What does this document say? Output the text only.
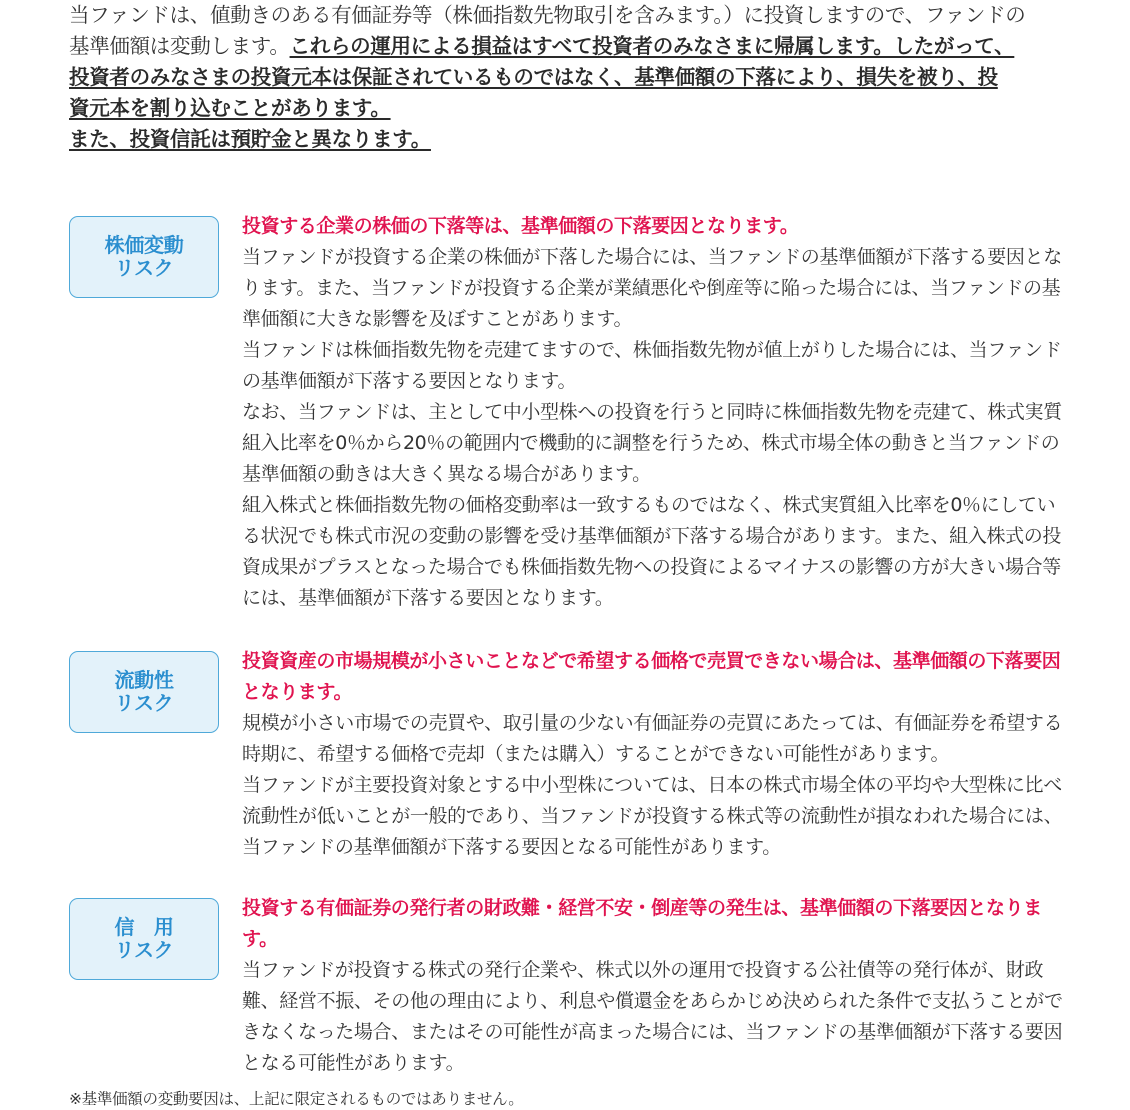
当ファンドは、値動きのある有価証券等（株価指数先物取引を含みます。）に投資しますので、ファンドの
基準価額は変動します。これらの運用による損益はすべて投資者のみなさまに帰属します。したがって、
投資者のみなさまの投資元本は保証されているものではなく、基準価額の下落により、損失を被り、投
資元本を割り込むことがあります。
また、投資信託は預貯金と異なります。
株価変動
リスク

投資する企業の株価の下落等は、基準価額の下落要因となります。

当ファンドが投資する企業の株価が下落した場合には、当ファンドの基準価額が下落する要因となります。また、当ファンドが投資する企業が業績悪化や倒産等に陥った場合には、当ファンドの基準価額に大きな影響を及ぼすことがあります。

当ファンドは株価指数先物を売建てますので、株価指数先物が値上がりした場合には、当ファンドの基準価額が下落する要因となります。

なお、当ファンドは、主として中小型株への投資を行うと同時に株価指数先物を売建て、株式実質組入比率を0％から20％の範囲内で機動的に調整を行うため、株式市場全体の動きと当ファンドの基準価額の動きは大きく異なる場合があります。

組入株式と株価指数先物の価格変動率は一致するものではなく、株式実質組入比率を0％にしている状況でも株式市況の変動の影響を受け基準価額が下落する場合があります。また、組入株式の投資成果がプラスとなった場合でも株価指数先物への投資によるマイナスの影響の方が大きい場合等には、基準価額が下落する要因となります。

流動性
リスク

投資資産の市場規模が小さいことなどで希望する価格で売買できない場合は、基準価額の下落要因となります。

規模が小さい市場での売買や、取引量の少ない有価証券の売買にあたっては、有価証券を希望する時期に、希望する価格で売却（または購入）することができない可能性があります。

当ファンドが主要投資対象とする中小型株については、日本の株式市場全体の平均や大型株に比べ流動性が低いことが一般的であり、当ファンドが投資する株式等の流動性が損なわれた場合には、当ファンドの基準価額が下落する要因となる可能性があります。

信　用
リスク

投資する有価証券の発行者の財政難・経営不安・倒産等の発生は、基準価額の下落要因となります。

当ファンドが投資する株式の発行企業や、株式以外の運用で投資する公社債等の発行体が、財政難、経営不振、その他の理由により、利息や償還金をあらかじめ決められた条件で支払うことができなくなった場合、またはその可能性が高まった場合には、当ファンドの基準価額が下落する要因となる可能性があります。

※基準価額の変動要因は、上記に限定されるものではありません。
